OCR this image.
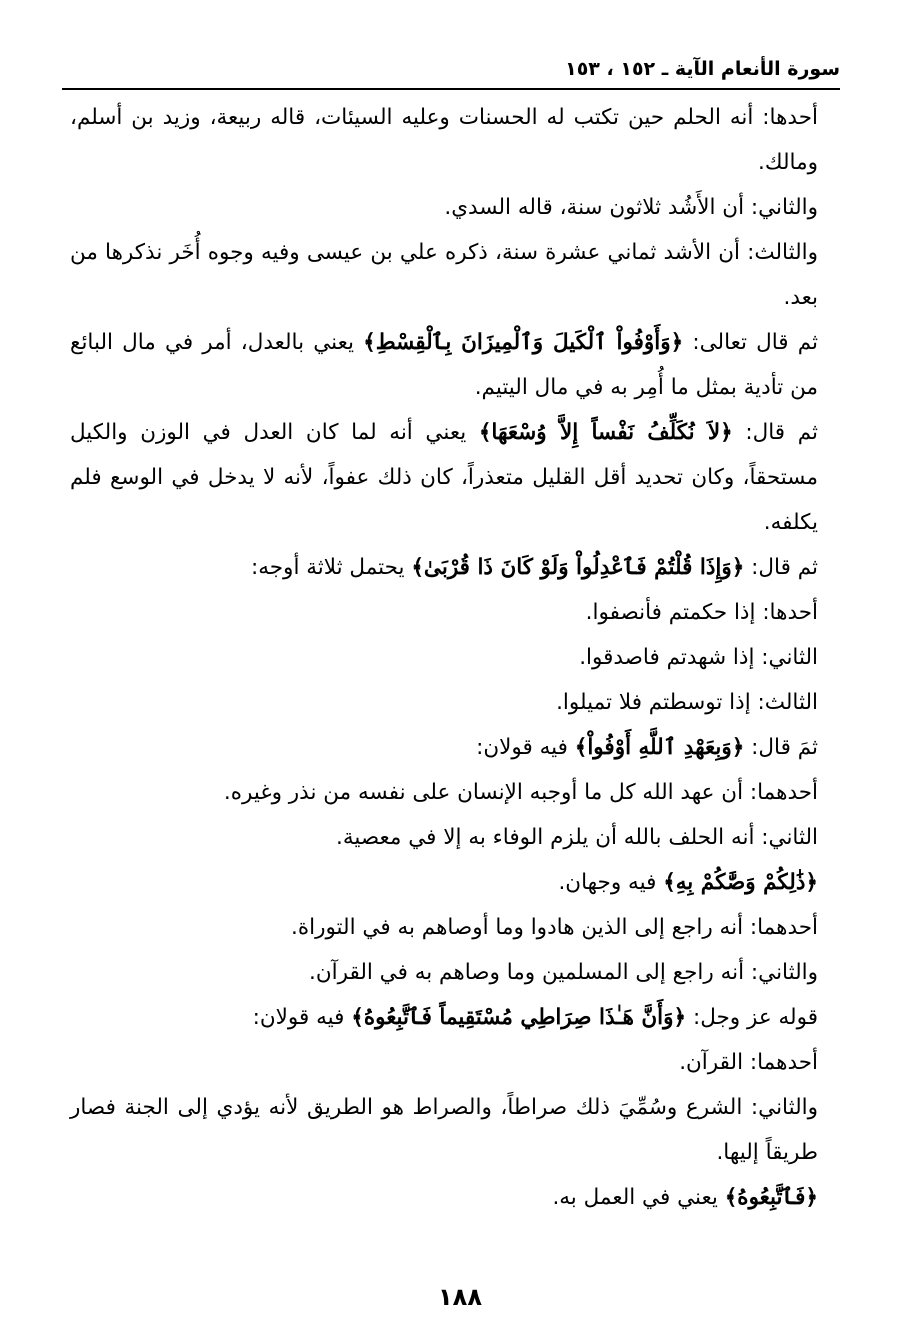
سورة الأنعام الآية ـ ١٥٢ ، ١٥٣

أحدها: أنه الحلم حين تكتب له الحسنات وعليه السيئات، قاله ربيعة، وزيد بن أسلم، ومالك.

والثاني: أن الأَشُد ثلاثون سنة، قاله السدي.

والثالث: أن الأشد ثماني عشرة سنة، ذكره علي بن عيسى وفيه وجوه أُخَر نذكرها من بعد.

ثم قال تعالى: ﴿وَأَوْفُواْ ٱلْكَيلَ وَٱلْمِيزَانَ بِٱلْقِسْطِ﴾ يعني بالعدل، أمر في مال البائع من تأدية بمثل ما أُمِر به في مال اليتيم.

ثم قال: ﴿لاَ نُكَلِّفُ نَفْساً إِلاَّ وُسْعَهَا﴾ يعني أنه لما كان العدل في الوزن والكيل مستحقاً، وكان تحديد أقل القليل متعذراً، كان ذلك عفواً، لأنه لا يدخل في الوسع فلم يكلفه.

ثم قال: ﴿وَإِذَا قُلْتُمْ فَٱعْدِلُواْ وَلَوْ كَانَ ذَا قُرْبَىٰ﴾ يحتمل ثلاثة أوجه:

أحدها: إذا حكمتم فأنصفوا.

الثاني: إذا شهدتم فاصدقوا.

الثالث: إذا توسطتم فلا تميلوا.

ثمَ قال: ﴿وَبِعَهْدِ ٱللَّهِ أَوْفُواْ﴾ فيه قولان:

أحدهما: أن عهد الله كل ما أوجبه الإنسان على نفسه من نذر وغيره.

الثاني: أنه الحلف بالله أن يلزم الوفاء به إلا في معصية.

﴿ذَٰلِكُمْ وَصَّٰكُمْ بِهِ﴾ فيه وجهان.

أحدهما: أنه راجع إلى الذين هادوا وما أوصاهم به في التوراة.

والثاني: أنه راجع إلى المسلمين وما وصاهم به في القرآن.

قوله عز وجل: ﴿وَأَنَّ هَـٰذَا صِرَاطِي مُسْتَقِيماً فَٱتَّبِعُوهُ﴾ فيه قولان:

أحدهما: القرآن.

والثاني: الشرع وسُمِّيَ ذلك صراطاً، والصراط هو الطريق لأنه يؤدي إلى الجنة فصار طريقاً إليها.

﴿فَٱتَّبِعُوهُ﴾ يعني في العمل به.

١٨٨
